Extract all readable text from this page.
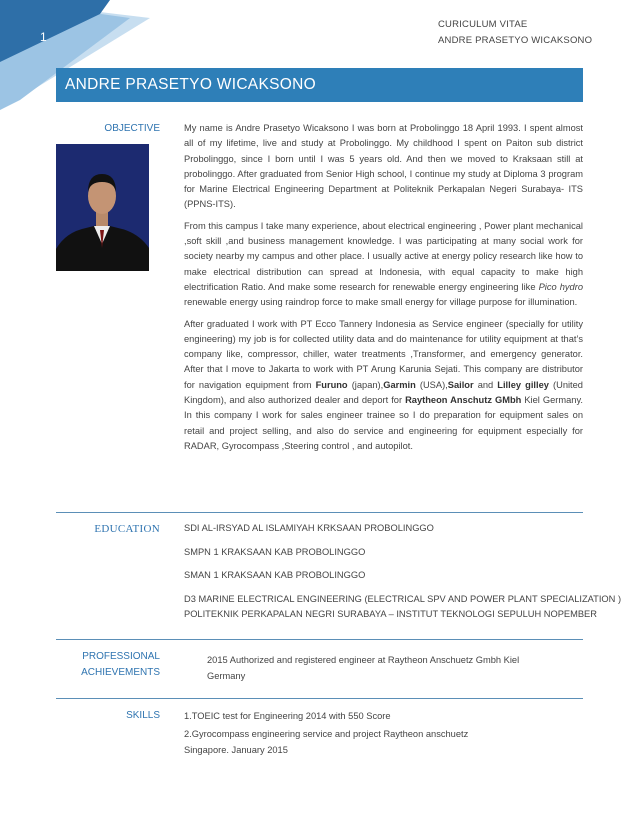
1
CURICULUM VITAE
ANDRE PRASETYO WICAKSONO
ANDRE PRASETYO WICAKSONO
OBJECTIVE	My name is Andre Prasetyo Wicaksono I was born at Probolinggo 18 April 1993. I spent almost all of my lifetime, live and study at Probolinggo. My childhood I spent on Paiton sub district Probolinggo, since I born until I was 5 years old. And then we moved to Kraksaan still at probolinggo. After graduated from Senior High school, I continue my study at Diploma 3 program for Marine Electrical Engineering Department at Politeknik Perkapalan Negeri Surabaya- ITS (PPNS-ITS).

From this campus I take many experience, about electrical engineering , Power plant mechanical ,soft skill ,and business management knowledge. I was participating at many social work for society nearby my campus and other place. I usually active at energy policy research like how to make electrical distribution can spread at Indonesia, with equal capacity to make high electrification Ratio. And make some research for renewable energy engineering like Pico hydro renewable energy using raindrop force to make small energy for village purpose for illumination.

After graduated I work with PT Ecco Tannery Indonesia as Service engineer (specially for utility engineering) my job is for collected utility data and do maintenance for utility equipment at that’s company like, compressor, chiller, water treatments ,Transformer, and emergency generator. After that I move to Jakarta to work with PT Arung Karunia Sejati. This company are distributor for navigation equipment from Furuno (japan),Garmin (USA),Sailor and Lilley gilley (United Kingdom), and also authorized dealer and deport for Raytheon Anschutz GMbh Kiel Germany. In this company I work for sales engineer trainee so I do preparation for equipment sales on retail and project selling, and also do service and engineering for equipment especially for RADAR, Gyrocompass ,Steering control , and autopilot.

EDUCATION	SDI AL-IRSYAD AL ISLAMIYAH KRKSAAN PROBOLINGGO
SMPN 1 KRAKSAAN KAB PROBOLINGGO
SMAN 1 KRAKSAAN KAB PROBOLINGGO
D3 MARINE ELECTRICAL ENGINEERING (ELECTRICAL SPV AND POWER PLANT SPECIALIZATION )
POLITEKNIK PERKAPALAN NEGRI SURABAYA – INSTITUT TEKNOLOGI SEPULUH NOPEMBER
PROFESSIONAL
ACHIEVEMENTS
2015 Authorized and registered engineer at Raytheon Anschuetz Gmbh Kiel
Germany
SKILLS	1.TOEIC test for Engineering 2014 with 550 Score
2.Gyrocompass engineering service and project Raytheon anschuetz
Singapore. January 2015
